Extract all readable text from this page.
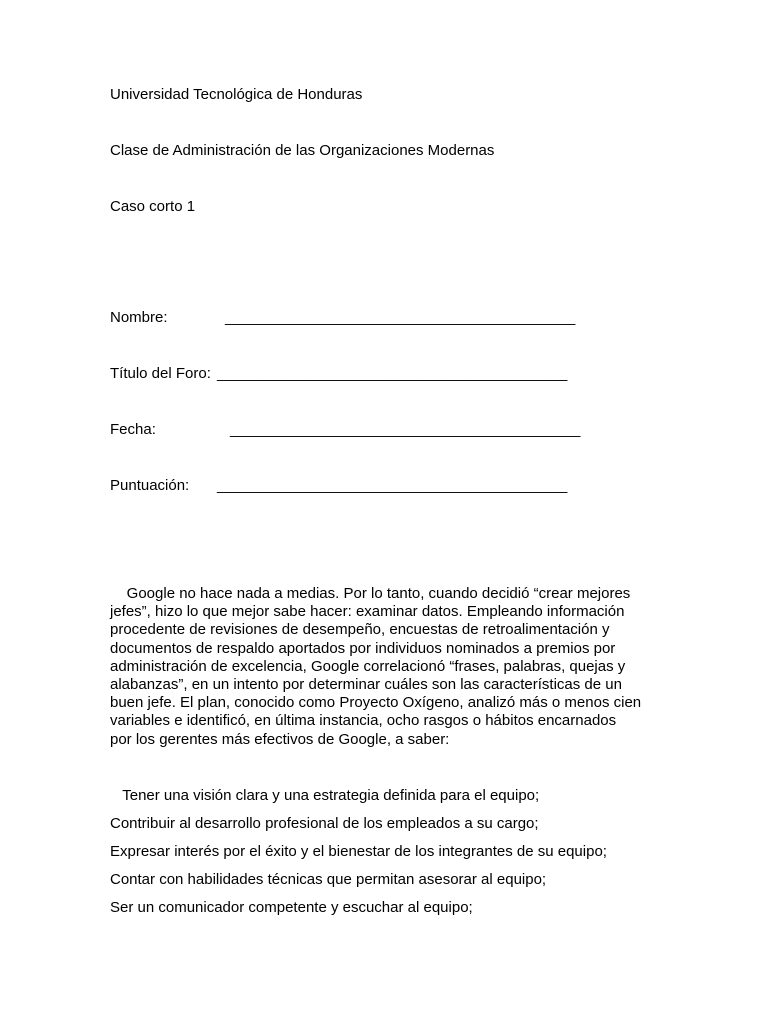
Universidad Tecnológica de Honduras
Clase de Administración de las Organizaciones Modernas
Caso corto 1
Nombre:	__________________________________________
Título del Foro: __________________________________________
Fecha:	__________________________________________
Puntuación: __________________________________________

Google no hace nada a medias. Por lo tanto, cuando decidió “crear mejores
jefes”, hizo lo que mejor sabe hacer: examinar datos. Empleando información
procedente de revisiones de desempeño, encuestas de retroalimentación y
documentos de respaldo aportados por individuos nominados a premios por
administración de excelencia, Google correlacionó “frases, palabras, quejas y
alabanzas”, en un intento por determinar cuáles son las características de un
buen jefe. El plan, conocido como Proyecto Oxígeno, analizó más o menos cien
variables e identificó, en última instancia, ocho rasgos o hábitos encarnados
por los gerentes más efectivos de Google, a saber:

Tener una visión clara y una estrategia definida para el equipo;
Contribuir al desarrollo profesional de los empleados a su cargo;
Expresar interés por el éxito y el bienestar de los integrantes de su equipo;
Contar con habilidades técnicas que permitan asesorar al equipo;
Ser un comunicador competente y escuchar al equipo;
